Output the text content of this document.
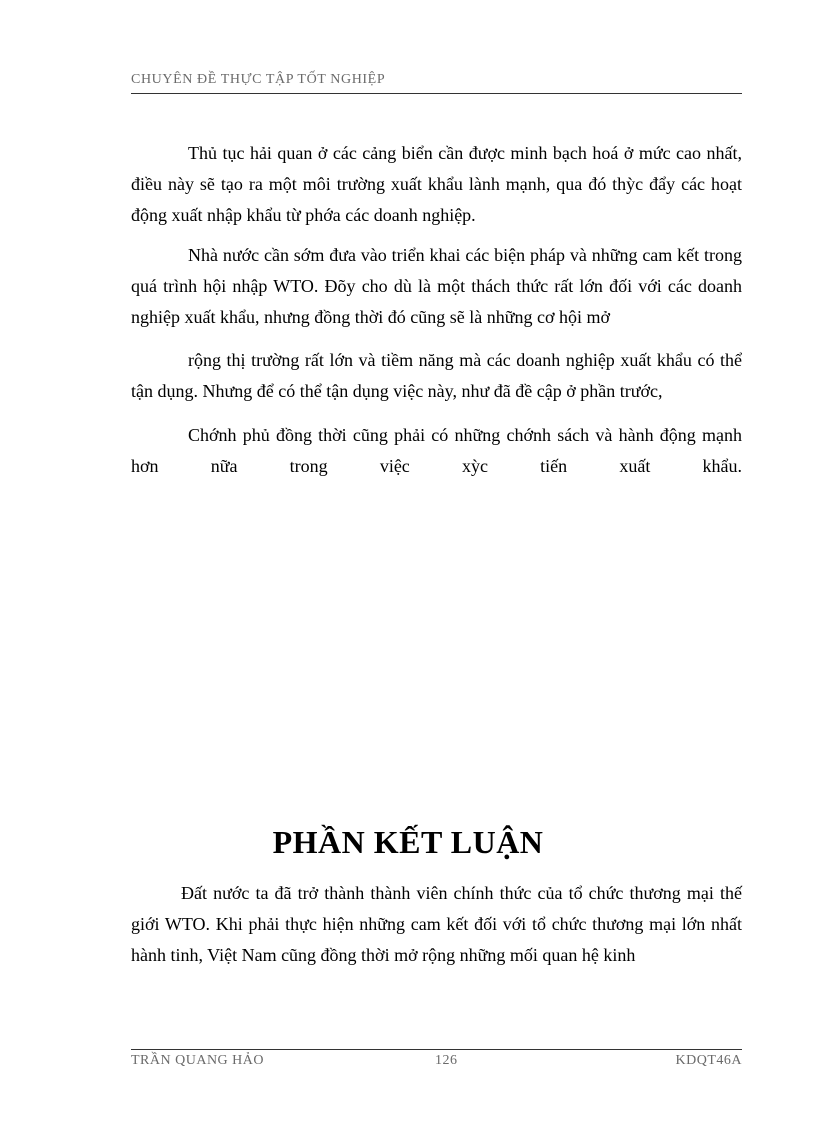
CHUYÊN ĐỀ THỰC TẬP TỐT NGHIỆP

Thủ tục hải quan ở các cảng biển cần được minh bạch hoá ở mức cao nhất, điều này sẽ tạo ra một môi trường xuất khẩu lành mạnh, qua đó thỳc đẩy các hoạt động xuất nhập khẩu từ phớa các doanh nghiệp.

Nhà nước cần sớm đưa vào triển khai các biện pháp và những cam kết trong quá trình hội nhập WTO. Đõy cho dù là một thách thức rất lớn đối với các doanh nghiệp xuất khẩu, nhưng đồng thời đó cũng sẽ là những cơ hội mở

rộng thị trường rất lớn và tiềm năng mà các doanh nghiệp xuất khẩu có thể tận dụng. Nhưng để có thể tận dụng việc này, như đã đề cập ở phần trước,

Chớnh phủ đồng thời cũng phải có những chớnh sách và hành động mạnh hơn nữa trong việc xỳc tiến xuất khẩu.

PHẦN KẾT LUẬN

Đất nước ta đã trở thành thành viên chính thức của tổ chức thương mại thế giới WTO. Khi phải thực hiện những cam kết đối với tổ chức thương mại lớn nhất hành tinh, Việt Nam cũng đồng thời mở rộng những mối quan hệ kinh

TRẦN QUANG HẢO	126	KDQT46A
